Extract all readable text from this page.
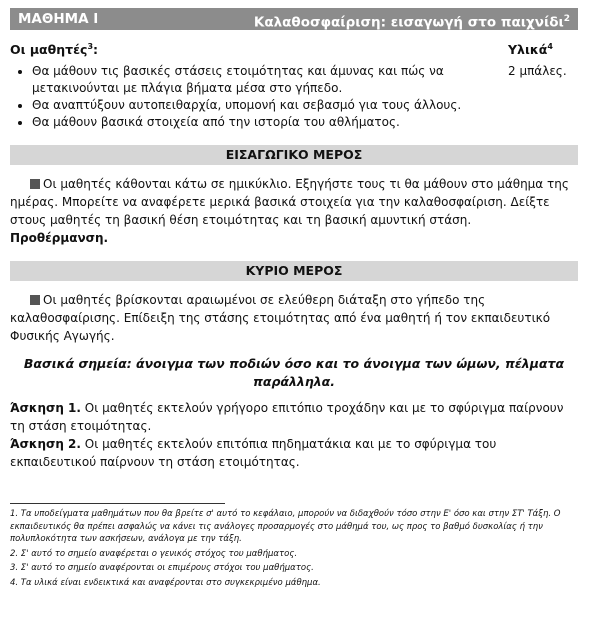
ΜΑΘΗΜΑ Ι	Καλαθοσφαίριση: εισαγωγή στο παιχνίδι$^2$
Οι μαθητές$^3$:	Υλικά$^4$
• Θα μάθουν τις βασικές στάσεις ετοιμότητας και άμυνας και πώς να μετακινούνται με πλάγια βήματα μέσα στο γήπεδο.
• Θα αναπτύξουν αυτοπειθαρχία, υπομονή και σεβασμό για τους άλλους.
• Θα μάθουν βασικά στοιχεία από την ιστορία του αθλήματος.
2 μπάλες.
ΕΙΣΑΓΩΓΙΚΟ ΜΕΡΟΣ

Οι μαθητές κάθονται κάτω σε ημικύκλιο. Εξηγήστε τους τι θα μάθουν στο μάθημα της ημέρας. Μπορείτε να αναφέρετε μερικά βασικά στοιχεία για την καλαθοσφαίριση. Δείξτε στους μαθητές τη βασική θέση ετοιμότητας και τη βασική αμυντική στάση.

Προθέρμανση.

ΚΥΡΙΟ ΜΕΡΟΣ

Οι μαθητές βρίσκονται αραιωμένοι σε ελεύθερη διάταξη στο γήπεδο της καλαθοσφαίρισης. Επίδειξη της στάσης ετοιμότητας από ένα μαθητή ή τον εκπαιδευτικό Φυσικής Αγωγής.

Βασικά σημεία: άνοιγμα των ποδιών όσο και το άνοιγμα των ώμων, πέλματα παράλληλα.

Άσκηση 1. Οι μαθητές εκτελούν γρήγορο επιτόπιο τροχάδην και με το σφύριγμα παίρνουν τη στάση ετοιμότητας.

Άσκηση 2. Οι μαθητές εκτελούν επιτόπια πηδηματάκια και με το σφύριγμα του εκπαιδευτικού παίρνουν τη στάση ετοιμότητας.

1. Τα υποδείγματα μαθημάτων που θα βρείτε σ' αυτό το κεφάλαιο, μπορούν να διδαχθούν τόσο στην Ε' όσο και στην ΣΤ' Τάξη. Ο εκπαιδευτικός θα πρέπει ασφαλώς να κάνει τις ανάλογες προσαρμογές στο μάθημά του, ως προς το βαθμό δυσκολίας ή την πολυπλοκότητα των ασκήσεων, ανάλογα με την τάξη.
2. Σ' αυτό το σημείο αναφέρεται ο γενικός στόχος του μαθήματος.
3. Σ' αυτό το σημείο αναφέρονται οι επιμέρους στόχοι του μαθήματος.
4. Τα υλικά είναι ενδεικτικά και αναφέρονται στο συγκεκριμένο μάθημα.
